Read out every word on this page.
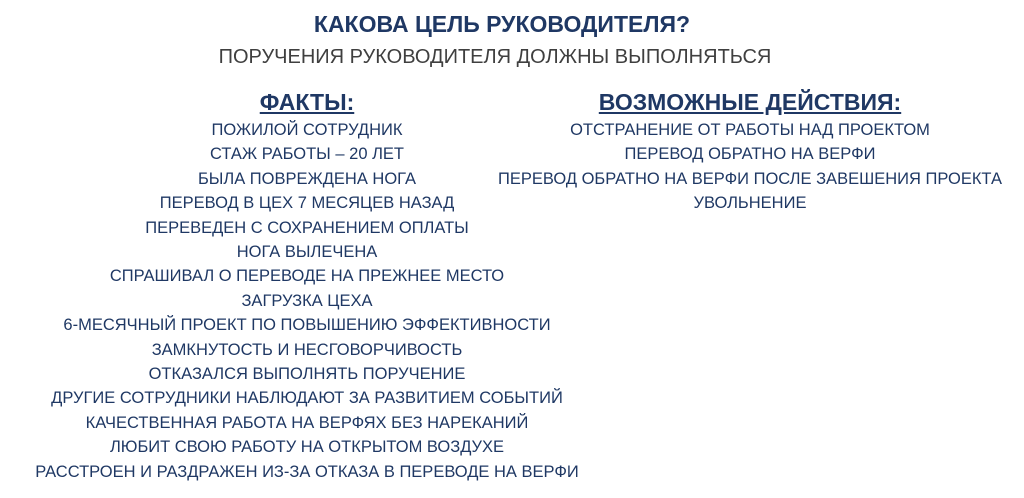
КАКОВА ЦЕЛЬ РУКОВОДИТЕЛЯ?
ПОРУЧЕНИЯ РУКОВОДИТЕЛЯ ДОЛЖНЫ ВЫПОЛНЯТЬСЯ
ФАКТЫ:
ПОЖИЛОЙ СОТРУДНИК
СТАЖ РАБОТЫ – 20 ЛЕТ
БЫЛА ПОВРЕЖДЕНА НОГА
ПЕРЕВОД В ЦЕХ 7 МЕСЯЦЕВ НАЗАД
ПЕРЕВЕДЕН С СОХРАНЕНИЕМ ОПЛАТЫ
НОГА ВЫЛЕЧЕНА
СПРАШИВАЛ О ПЕРЕВОДЕ НА ПРЕЖНЕЕ МЕСТО
ЗАГРУЗКА ЦЕХА
6-МЕСЯЧНЫЙ ПРОЕКТ ПО ПОВЫШЕНИЮ ЭФФЕКТИВНОСТИ
ЗАМКНУТОСТЬ И НЕСГОВОРЧИВОСТЬ
ОТКАЗАЛСЯ ВЫПОЛНЯТЬ ПОРУЧЕНИЕ
ДРУГИЕ СОТРУДНИКИ НАБЛЮДАЮТ ЗА РАЗВИТИЕМ СОБЫТИЙ
КАЧЕСТВЕННАЯ РАБОТА НА ВЕРФЯХ БЕЗ НАРЕКАНИЙ
ЛЮБИТ СВОЮ РАБОТУ НА ОТКРЫТОМ ВОЗДУХЕ
РАССТРОЕН И РАЗДРАЖЕН ИЗ-ЗА ОТКАЗА В ПЕРЕВОДЕ НА ВЕРФИ
ВОЗМОЖНЫЕ ДЕЙСТВИЯ:
ОТСТРАНЕНИЕ ОТ РАБОТЫ НАД ПРОЕКТОМ
ПЕРЕВОД ОБРАТНО НА ВЕРФИ
ПЕРЕВОД ОБРАТНО НА ВЕРФИ ПОСЛЕ ЗАВЕШЕНИЯ ПРОЕКТА
УВОЛЬНЕНИЕ
